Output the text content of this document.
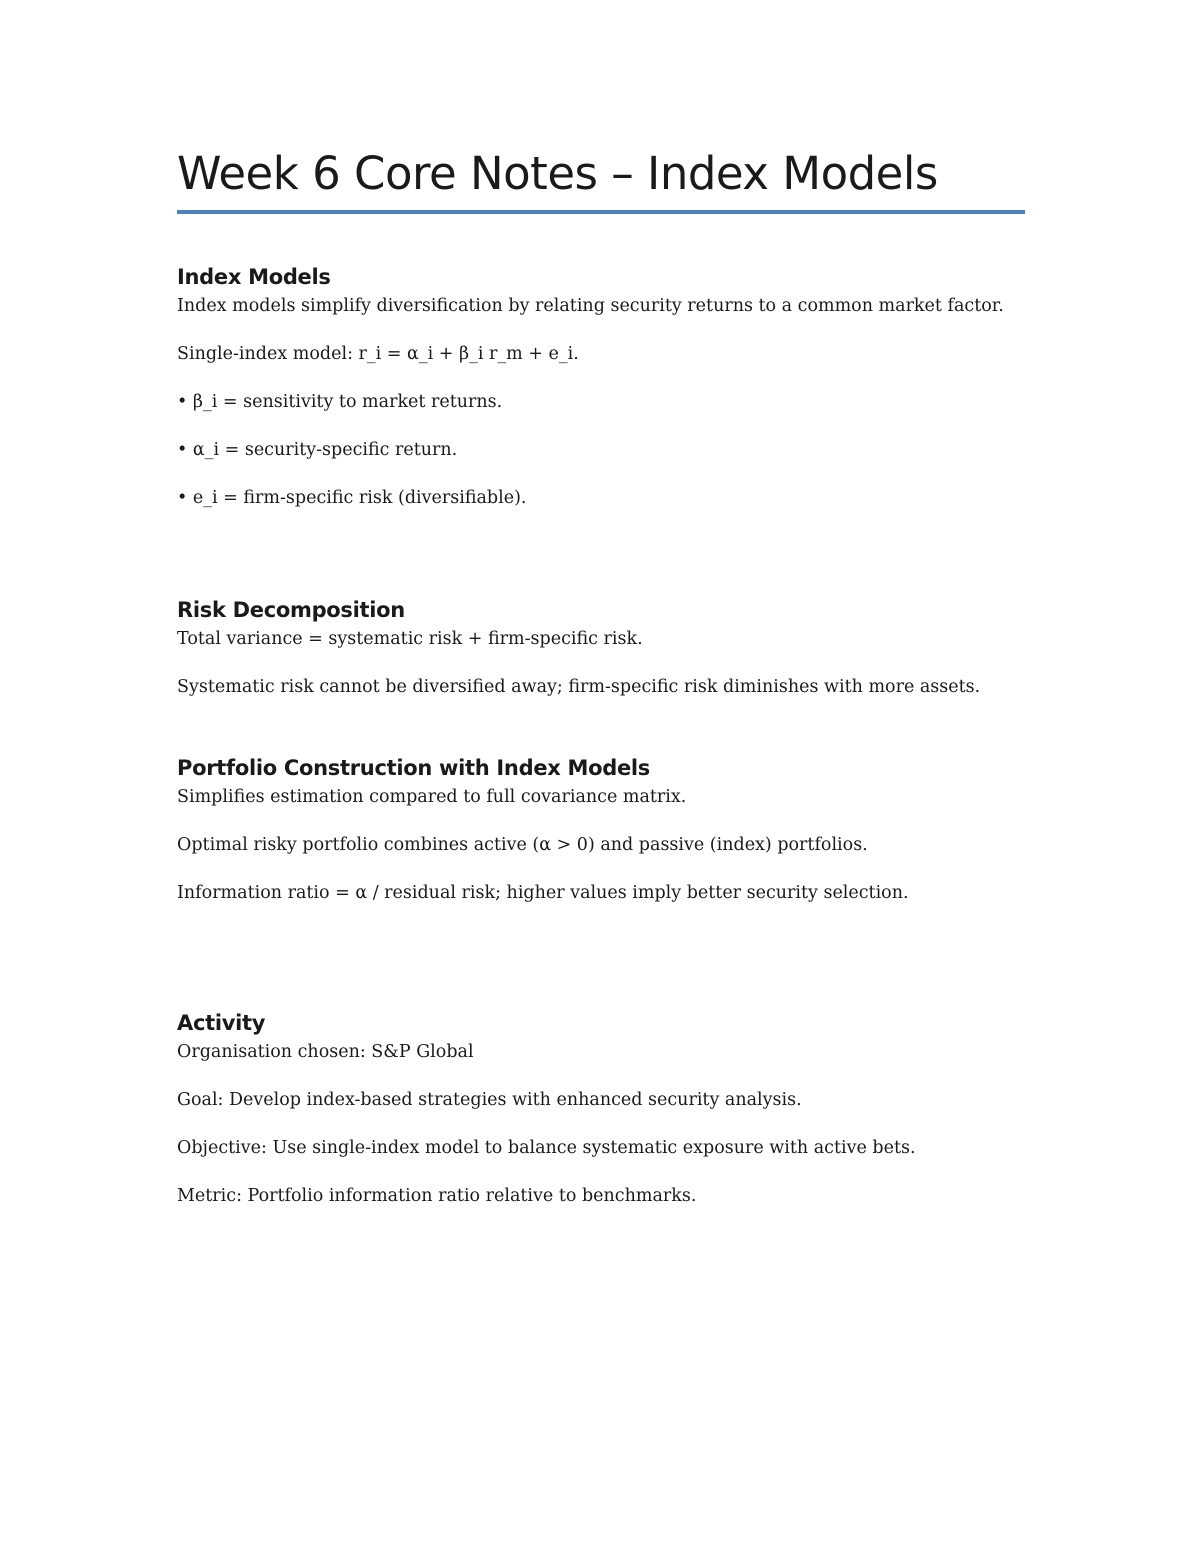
Week 6 Core Notes – Index Models
Index Models

Index models simplify diversification by relating security returns to a common market factor.

Single-index model: r_i = α_i + β_i r_m + e_i.

• β_i = sensitivity to market returns.

• α_i = security-specific return.

• e_i = firm-specific risk (diversifiable).

Risk Decomposition

Total variance = systematic risk + firm-specific risk.

Systematic risk cannot be diversified away; firm-specific risk diminishes with more assets.

Portfolio Construction with Index Models

Simplifies estimation compared to full covariance matrix.

Optimal risky portfolio combines active (α > 0) and passive (index) portfolios.

Information ratio = α / residual risk; higher values imply better security selection.

Activity

Organisation chosen: S&P Global

Goal: Develop index-based strategies with enhanced security analysis.

Objective: Use single-index model to balance systematic exposure with active bets.

Metric: Portfolio information ratio relative to benchmarks.
